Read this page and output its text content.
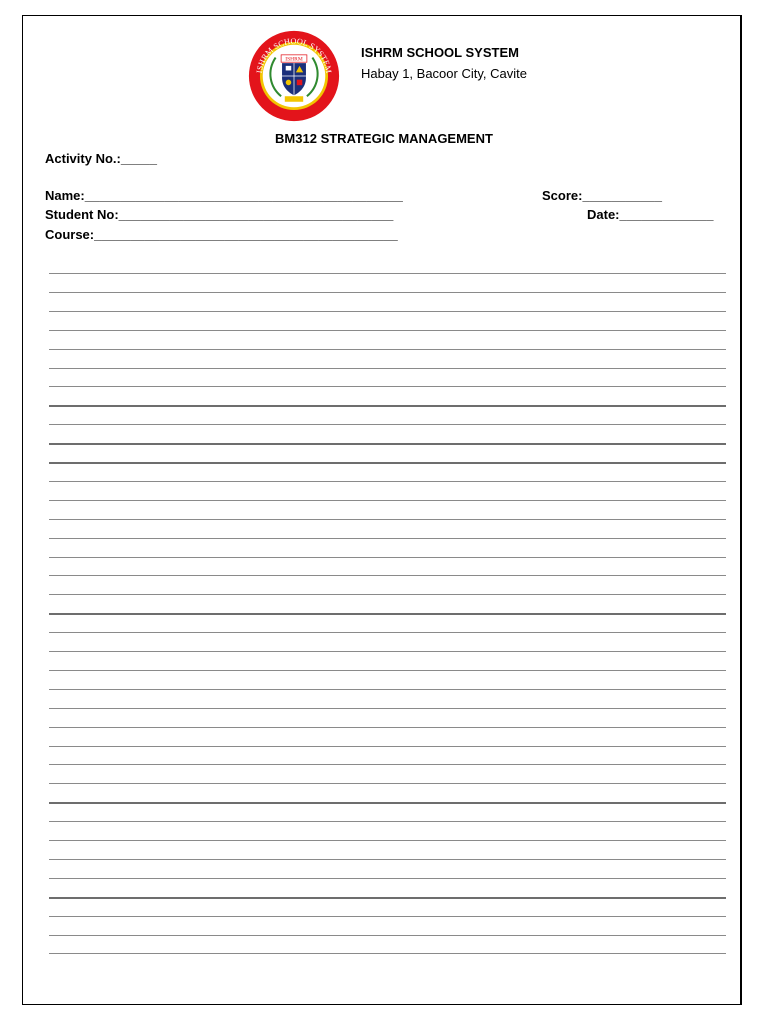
ISHRM SCHOOL SYSTEM
International School for Hotel & Restaurant Management
ISHRM	ISHRM SCHOOL SYSTEM
Habay 1, Bacoor City, Cavite
BM312 STRATEGIC MANAGEMENT
Activity No.:_____
Name:____________________________________________
Student No:______________________________________
Course:__________________________________________
Score:___________
Date:_____________
